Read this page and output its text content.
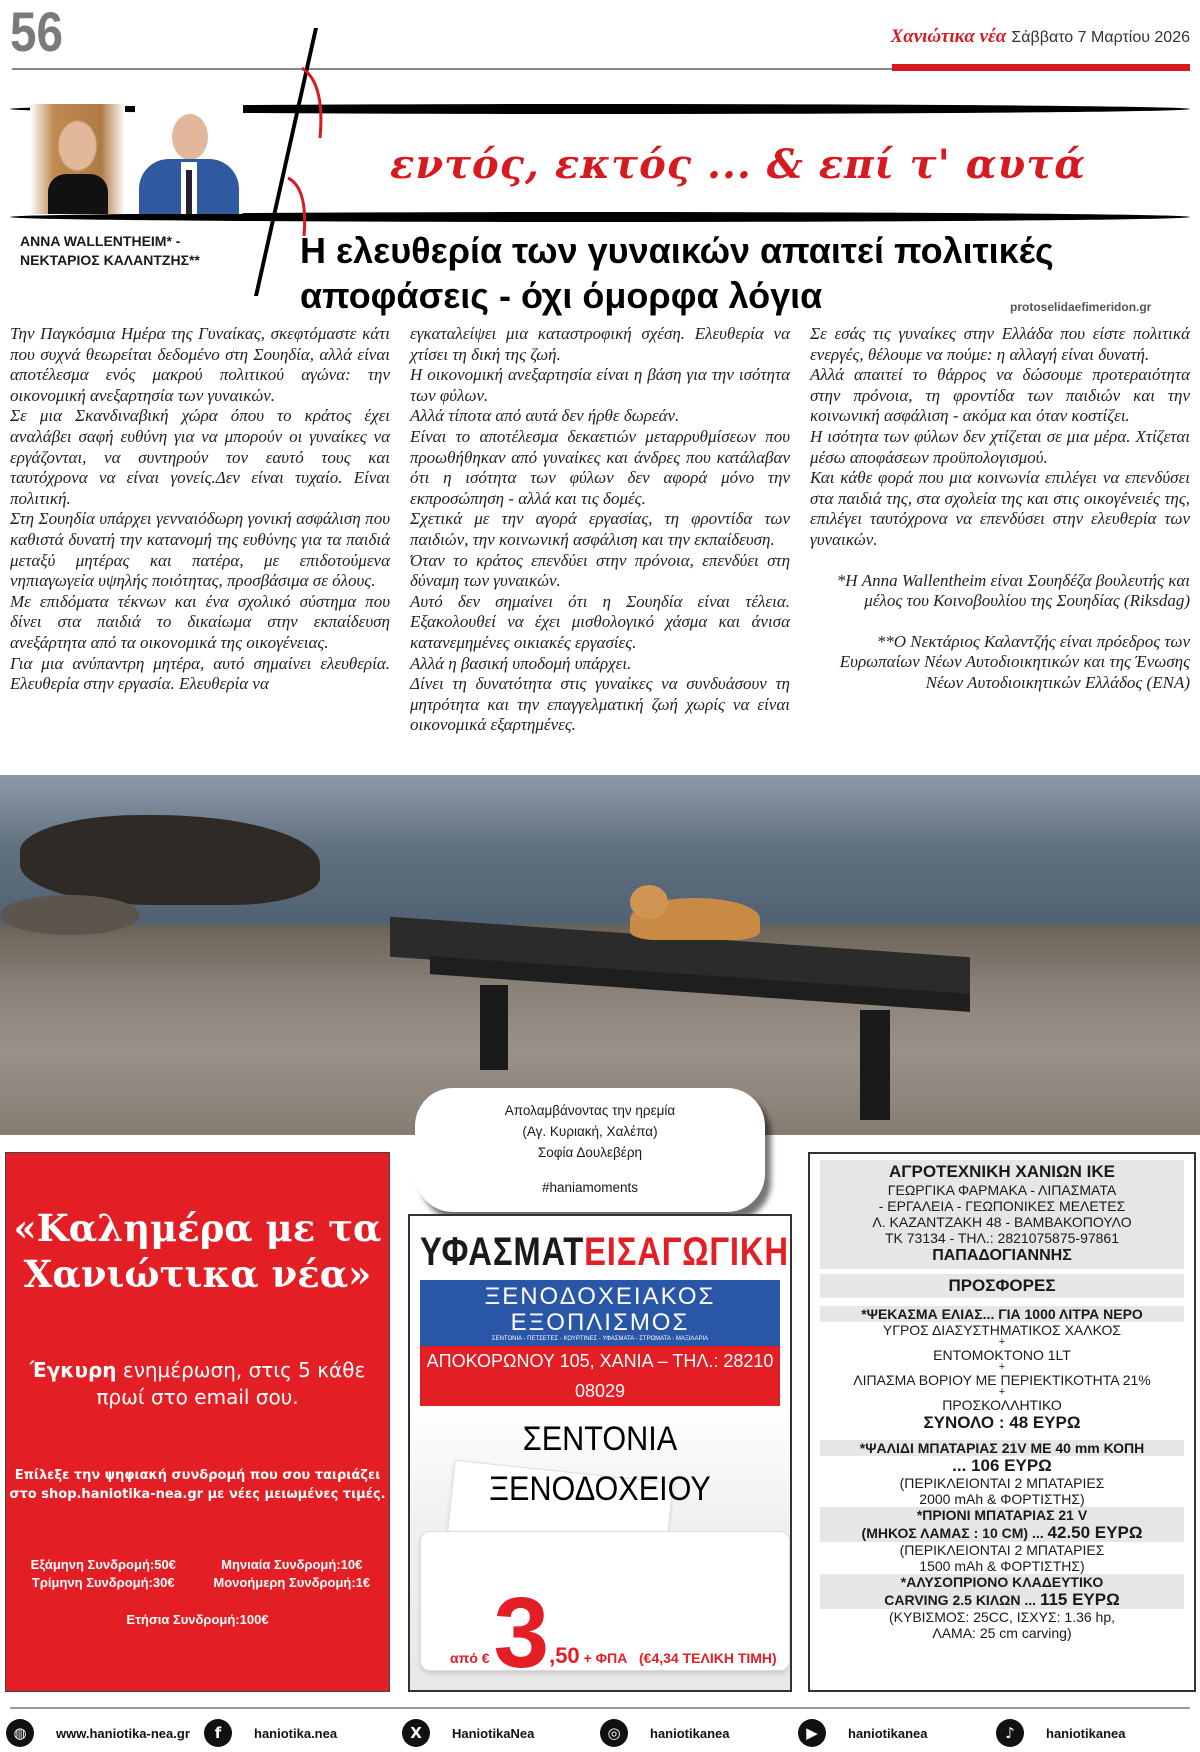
56	Χανιώτικα νέα Σάββατο 7 Μαρτίου 2026
εντός, εκτός ... & επί τ' αυτά
ANNA WALLENTHEIM* -
ΝΕΚΤΑΡΙΟΣ ΚΑΛΑΝΤΖΗΣ**	Η ελευθερία των γυναικών απαιτεί πολιτικές αποφάσεις - όχι όμορφα λόγια	protoselidaefimeridon.gr

Την Παγκόσμια Ημέρα της Γυναίκας, σκεφτόμαστε κάτι που συχνά θεωρείται δεδομένο στη Σουηδία, αλλά είναι αποτέλεσμα ενός μακρού πολιτικού αγώνα: την οικονομική ανεξαρτησία των γυναικών.

Σε μια Σκανδιναβική χώρα όπου το κράτος έχει αναλάβει σαφή ευθύνη για να μπορούν οι γυναίκες να εργάζονται, να συντηρούν τον εαυτό τους και ταυτόχρονα να είναι γονείς.Δεν είναι τυχαίο. Είναι πολιτική.

Στη Σουηδία υπάρχει γενναιόδωρη γονική ασφάλιση που καθιστά δυνατή την κατανομή της ευθύνης για τα παιδιά μεταξύ μητέρας και πατέρα, με επιδοτούμενα νηπιαγωγεία υψηλής ποιότητας, προσβάσιμα σε όλους.

Με επιδόματα τέκνων και ένα σχολικό σύστημα που δίνει στα παιδιά το δικαίωμα στην εκπαίδευση ανεξάρτητα από τα οικονομικά της οικογένειας.

Για μια ανύπαντρη μητέρα, αυτό σημαίνει ελευθερία. Ελευθερία στην εργασία. Ελευθερία να

εγκαταλείψει μια καταστροφική σχέση. Ελευθερία να χτίσει τη δική της ζωή.

Η οικονομική ανεξαρτησία είναι η βάση για την ισότητα των φύλων.

Αλλά τίποτα από αυτά δεν ήρθε δωρεάν.

Είναι το αποτέλεσμα δεκαετιών μεταρρυθμίσεων που προωθήθηκαν από γυναίκες και άνδρες που κατάλαβαν ότι η ισότητα των φύλων δεν αφορά μόνο την εκπροσώπηση - αλλά και τις δομές.

Σχετικά με την αγορά εργασίας, τη φροντίδα των παιδιών, την κοινωνική ασφάλιση και την εκπαίδευση.

Όταν το κράτος επενδύει στην πρόνοια, επενδύει στη δύναμη των γυναικών.

Αυτό δεν σημαίνει ότι η Σουηδία είναι τέλεια. Εξακολουθεί να έχει μισθολογικό χάσμα και άνισα κατανεμημένες οικιακές εργασίες.

Αλλά η βασική υποδομή υπάρχει.

Δίνει τη δυνατότητα στις γυναίκες να συνδυάσουν τη μητρότητα και την επαγγελματική ζωή χωρίς να είναι οικονομικά εξαρτημένες.

Σε εσάς τις γυναίκες στην Ελλάδα που είστε πολιτικά ενεργές, θέλουμε να πούμε: η αλλαγή είναι δυνατή.

Αλλά απαιτεί το θάρρος να δώσουμε προτεραιότητα στην πρόνοια, τη φροντίδα των παιδιών και την κοινωνική ασφάλιση - ακόμα και όταν κοστίζει.

Η ισότητα των φύλων δεν χτίζεται σε μια μέρα. Χτίζεται μέσω αποφάσεων προϋπολογισμού.

Και κάθε φορά που μια κοινωνία επιλέγει να επενδύσει στα παιδιά της, στα σχολεία της και στις οικογένειές της, επιλέγει ταυτόχρονα να επενδύσει στην ελευθερία των γυναικών.

*Η Anna Wallentheim είναι Σουηδέζα βουλευτής και μέλος του Κοινοβουλίου της Σουηδίας (Riksdag)

**Ο Νεκτάριος Καλαντζής είναι πρόεδρος των Ευρωπαίων Νέων Αυτοδιοικητικών και της Ένωσης Νέων Αυτοδιοικητικών Ελλάδος (ΕΝΑ)

Απολαμβάνοντας την ηρεμία
(Αγ. Κυριακή, Χαλέπα)
Σοφία Δουλεβέρη
#haniamoments
«Καλημέρα με τα Χανιώτικα νέα»
Έγκυρη ενημέρωση, στις 5 κάθε πρωί στο email σου.
Επίλεξε την ψηφιακή συνδρομή που σου ταιριάζει στο shop.haniotika-nea.gr με νέες μειωμένες τιμές.
Εξάμηνη Συνδρομή:50€	Μηνιαία Συνδρομή:10€
Τρίμηνη Συνδρομή:30€	Μονοήμερη Συνδρομή:1€
Ετήσια Συνδρομή:100€
ΥΦΑΣΜΑΤΕΙΣΑΓΩΓΙΚΗ
ΞΕΝΟΔΟΧΕΙΑΚΟΣ ΕΞΟΠΛΙΣΜΟΣ
ΣΕΝΤΟΝΙΑ - ΠΕΤΣΕΤΕΣ - ΚΟΥΡΤΙΝΕΣ - ΥΦΑΣΜΑΤΑ - ΣΤΡΩΜΑΤΑ - ΜΑΞΙΛΑΡΙΑ
ΑΠΟΚΟΡΩΝΟΥ 105, ΧΑΝΙΑ – ΤΗΛ.: 28210 08029
ΣΕΝΤΟΝΙΑ ΞΕΝΟΔΟΧΕΙΟΥ
από € 3,50 + ΦΠΑ (€4,34 ΤΕΛΙΚΗ ΤΙΜΗ)
ΑΓΡΟΤΕΧΝΙΚΗ ΧΑΝΙΩΝ ΙΚΕ
ΓΕΩΡΓΙΚΑ ΦΑΡΜΑΚΑ - ΛΙΠΑΣΜΑΤΑ
- ΕΡΓΑΛΕΙΑ - ΓΕΩΠΟΝΙΚΕΣ ΜΕΛΕΤΕΣ
Λ. ΚΑΖΑΝΤΖΑΚΗ 48 - ΒΑΜΒΑΚΟΠΟΥΛΟ
ΤΚ 73134 - ΤΗΛ.: 2821075875-97861
ΠΑΠΑΔΟΓΙΑΝΝΗΣ
ΠΡΟΣΦΟΡΕΣ
*ΨΕΚΑΣΜΑ ΕΛΙΑΣ... ΓΙΑ 1000 ΛΙΤΡΑ ΝΕΡΟ
ΥΓΡΟΣ ΔΙΑΣΥΣΤΗΜΑΤΙΚΟΣ ΧΑΛΚΟΣ
+
ΕΝΤΟΜΟΚΤΟΝΟ 1LT
+
ΛΙΠΑΣΜΑ ΒΟΡΙΟΥ ΜΕ ΠΕΡΙΕΚΤΙΚΟΤΗΤΑ 21%
+
ΠΡΟΣΚΟΛΛΗΤΙΚΟ
ΣΥΝΟΛΟ : 48 ΕΥΡΩ
*ΨΑΛΙΔΙ ΜΠΑΤΑΡΙΑΣ 21V ΜΕ 40 mm ΚΟΠΗ
... 106 ΕΥΡΩ
(ΠΕΡΙΚΛΕΙΟΝΤΑΙ 2 ΜΠΑΤΑΡΙΕΣ
2000 mAh & ΦΟΡΤΙΣΤΗΣ)
*ΠΡΙΟΝΙ ΜΠΑΤΑΡΙΑΣ 21 V
(ΜΗΚΟΣ ΛΑΜΑΣ : 10 CM) ... 42.50 ΕΥΡΩ
(ΠΕΡΙΚΛΕΙΟΝΤΑΙ 2 ΜΠΑΤΑΡΙΕΣ
1500 mAh & ΦΟΡΤΙΣΤΗΣ)
*ΑΛΥΣΟΠΡΙΟΝΟ ΚΛΑΔΕΥΤΙΚΟ
CARVING 2.5 ΚΙΛΩΝ ... 115 ΕΥΡΩ
(ΚΥΒΙΣΜΟΣ: 25CC, ΙΣΧΥΣ: 1.36 hp,
ΛΑΜΑ: 25 cm carving)
◍	www.haniotika-nea.gr	f	haniotika.nea	X	HaniotikaNea	◎	haniotikanea	▶	haniotikanea	♪	haniotikanea
